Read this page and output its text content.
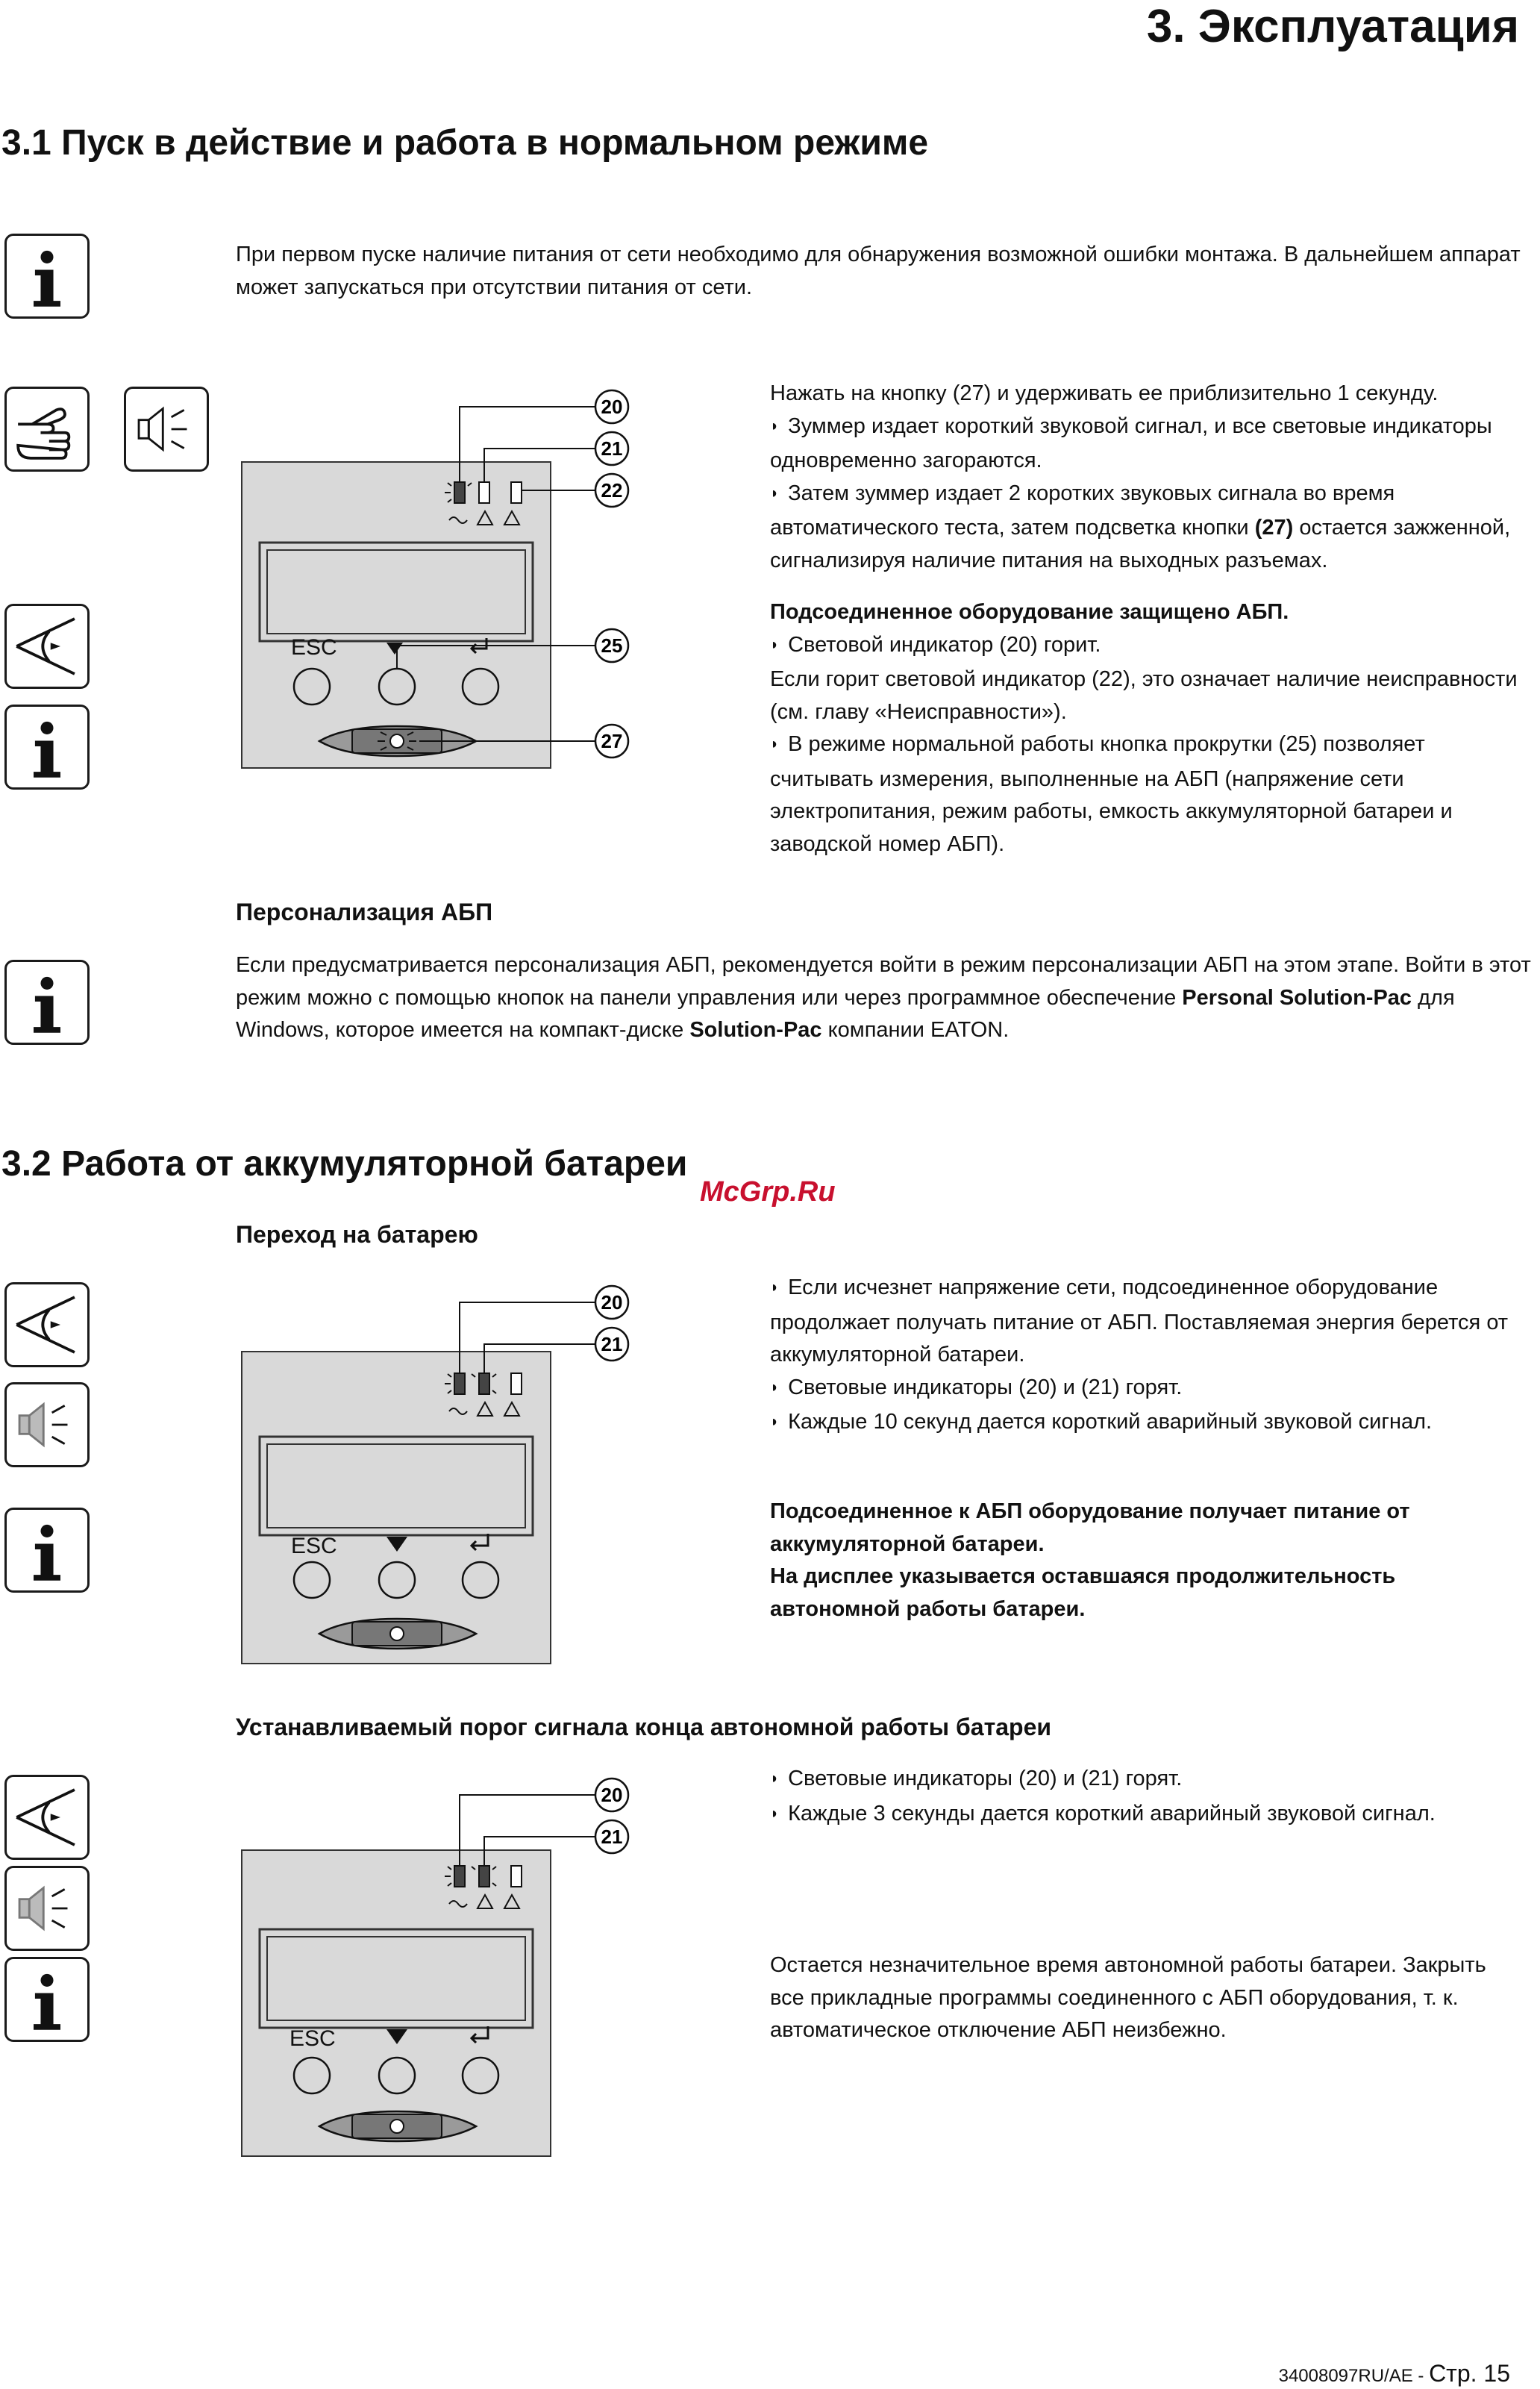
3. Эксплуатация
3.1 Пуск в действие и работа в нормальном режиме

При первом пуске наличие питания от сети необходимо для обнаружения возможной ошибки монтажа. В дальнейшем аппарат может запускаться при отсутствии питания от сети.

ESC
20
21
22
25
27

Нажать на кнопку (27) и удерживать ее приблизительно 1 секунду.

◗ Зуммер издает короткий звуковой сигнал, и все световые индикаторы одновременно загораются.

◗ Затем зуммер издает 2 коротких звуковых сигнала во время автоматического теста, затем подсветка кнопки (27) остается зажженной, сигнализируя наличие питания на выходных разъемах.

Подсоединенное оборудование защищено АБП.

◗ Световой индикатор (20) горит.

Если горит световой индикатор (22), это означает наличие неисправности (см. главу «Неисправности»).

◗ В режиме нормальной работы кнопка прокрутки (25) позволяет считывать измерения, выполненные на АБП (напряжение сети электропитания, режим работы, емкость аккумуляторной батареи и заводской номер АБП).

Персонализация АБП

Если предусматривается персонализация АБП, рекомендуется войти в режим персонализации АБП на этом этапе. Войти в этот режим можно с помощью кнопок на панели управления или через программное обеспечение Personal Solution-Pac для Windows, которое имеется на компакт-диске Solution-Pac компании EATON.

3.2 Работа от аккумуляторной батареи
McGrp.Ru
Переход на батарею
ESC
20
21

◗ Если исчезнет напряжение сети, подсоединенное оборудование продолжает получать питание от АБП. Поставляемая энергия берется от аккумуляторной батареи.

◗ Световые индикаторы (20) и (21) горят.

◗ Каждые 10 секунд дается короткий аварийный звуковой сигнал.

Подсоединенное к АБП оборудование получает питание от аккумуляторной батареи.

На дисплее указывается оставшаяся продолжительность автономной работы батареи.

Устанавливаемый порог сигнала конца автономной работы батареи
ESC
20
21

◗ Световые индикаторы (20) и (21) горят.

◗ Каждые 3 секунды дается короткий аварийный звуковой сигнал.

Остается незначительное время автономной работы батареи. Закрыть все прикладные программы соединенного с АБП оборудования, т. к. автоматическое отключение АБП неизбежно.

34008097RU/AE - Стр. 15
